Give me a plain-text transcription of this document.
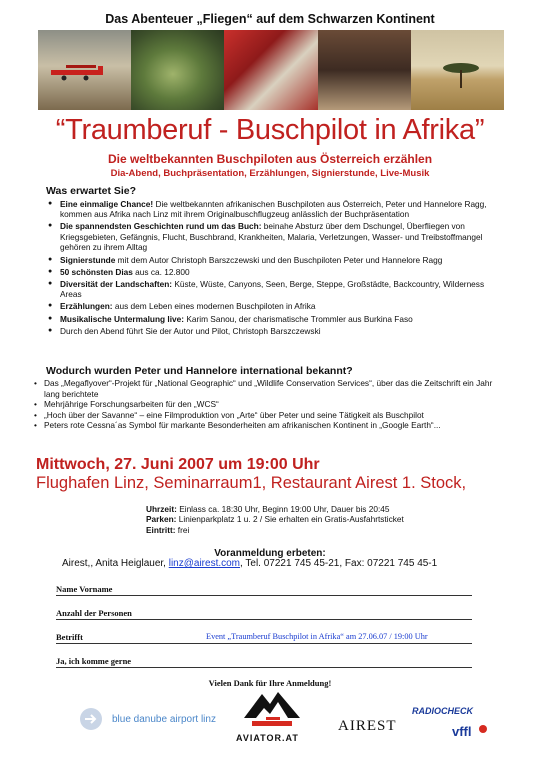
Das Abenteuer „Fliegen“ auf dem Schwarzen Kontinent
“Traumberuf - Buschpilot in Afrika”
Die weltbekannten Buschpiloten aus Österreich erzählen
Dia-Abend, Buchpräsentation, Erzählungen, Signierstunde, Live-Musik
Was erwartet Sie?
● Eine einmalige Chance! Die weltbekannten afrikanischen Buschpiloten aus Österreich, Peter und Hannelore Ragg, kommen aus Afrika nach Linz mit ihrem Originalbuschflugzeug anlässlich der Buchpräsentation
● Die spannendsten Geschichten rund um das Buch: beinahe Absturz über dem Dschungel, Überfliegen von Kriegsgebieten, Gefängnis, Flucht, Buschbrand, Krankheiten, Malaria, Verletzungen, Wasser- und Treibstoffmangel gehören zu ihrem Alltag
● Signierstunde mit dem Autor Christoph Barszczewski und den Buschpiloten Peter und Hannelore Ragg
● 50 schönsten Dias aus ca. 12.800
● Diversität der Landschaften: Küste, Wüste, Canyons, Seen, Berge, Steppe, Großstädte, Backcountry, Wilderness Areas
● Erzählungen: aus dem Leben eines modernen Buschpiloten in Afrika
● Musikalische Untermalung live: Karim Sanou, der charismatische Trommler aus Burkina Faso
● Durch den Abend führt Sie der Autor und Pilot, Christoph Barszczewski
Wodurch wurden Peter und Hannelore international bekannt?
• Das „Megaflyover“-Projekt für „National Geographic“ und „Wildlife Conservation Services“, über das die Zeitschrift ein Jahr lang berichtete
• Mehrjährige Forschungsarbeiten für den „WCS“
• „Hoch über der Savanne“ – eine Filmproduktion von „Arte“ über Peter und seine Tätigkeit als Buschpilot
• Peters rote Cessna´as Symbol für markante Besonderheiten am afrikanischen Kontinent in „Google Earth“...
Mittwoch, 27. Juni 2007 um 19:00 Uhr
Flughafen Linz, Seminarraum1, Restaurant Airest 1. Stock,
Uhrzeit: Einlass ca. 18:30 Uhr, Beginn 19:00 Uhr, Dauer bis 20:45
Parken: Linienparkplatz 1 u. 2 / Sie erhalten ein Gratis-Ausfahrtsticket
Eintritt: frei
Voranmeldung erbeten:
Airest,, Anita Heiglauer, linz@airest.com, Tel. 07221 745 45-21, Fax: 07221 745 45-1
Name Vorname
Anzahl der Personen
Betrifft	Event „Traumberuf Buschpilot in Afrika“ am 27.06.07 / 19:00 Uhr
Ja, ich komme gerne
Vielen Dank für Ihre Anmeldung!
blue danube airport linz
AVIATOR.AT
AIREST
RADIOCHECK
vffl
